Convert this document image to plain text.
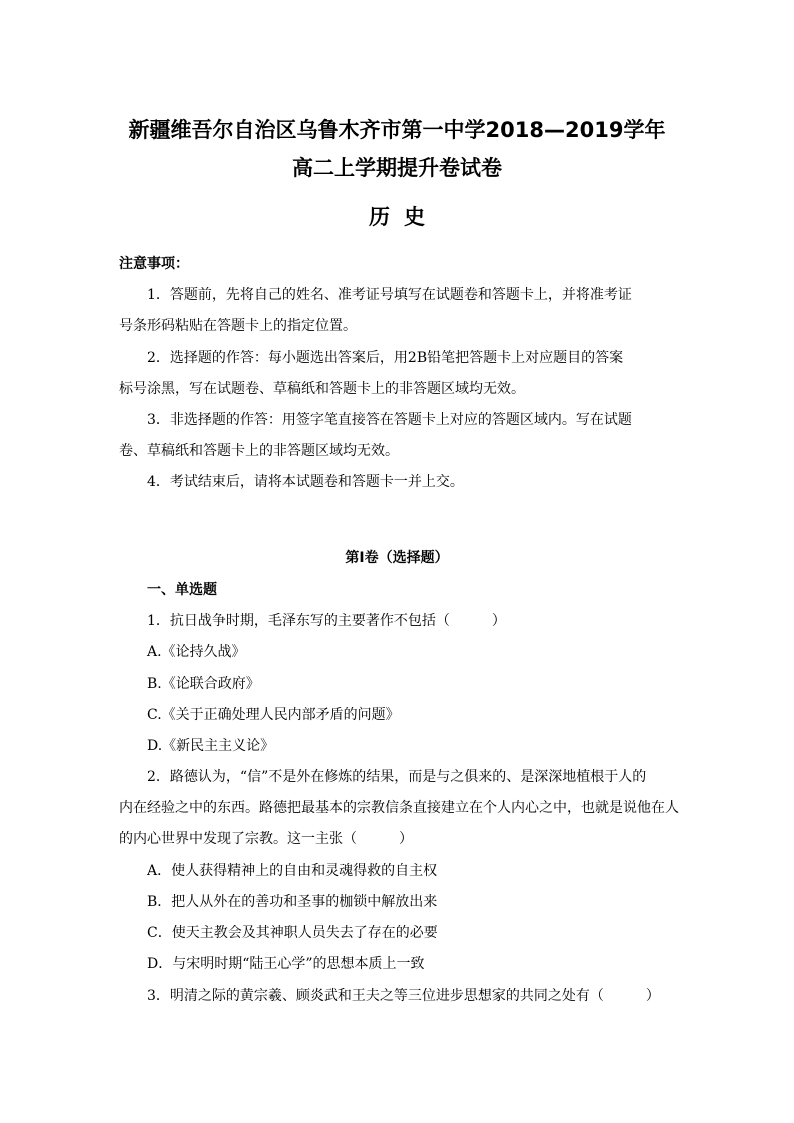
新疆维吾尔自治区乌鲁木齐市第一中学2018—2019学年
高二上学期提升卷试卷
历史
注意事项：
1．答题前，先将自己的姓名、准考证号填写在试题卷和答题卡上，并将准考证
号条形码粘贴在答题卡上的指定位置。
2．选择题的作答：每小题选出答案后，用2B铅笔把答题卡上对应题目的答案
标号涂黑，写在试题卷、草稿纸和答题卡上的非答题区域均无效。
3．非选择题的作答：用签字笔直接答在答题卡上对应的答题区域内。写在试题
卷、草稿纸和答题卡上的非答题区域均无效。
4．考试结束后，请将本试题卷和答题卡一并上交。
第I卷（选择题）
一、单选题
1．抗日战争时期，毛泽东写的主要著作不包括（　　　）
A.《论持久战》
B.《论联合政府》
C.《关于正确处理人民内部矛盾的问题》
D.《新民主主义论》
2．路德认为，“信”不是外在修炼的结果，而是与之俱来的、是深深地植根于人的
内在经验之中的东西。路德把最基本的宗教信条直接建立在个人内心之中，也就是说他在人
的内心世界中发现了宗教。这一主张（　　　）
A．使人获得精神上的自由和灵魂得救的自主权
B．把人从外在的善功和圣事的枷锁中解放出来
C．使天主教会及其神职人员失去了存在的必要
D．与宋明时期“陆王心学”的思想本质上一致
3．明清之际的黄宗羲、顾炎武和王夫之等三位进步思想家的共同之处有（　　　）
